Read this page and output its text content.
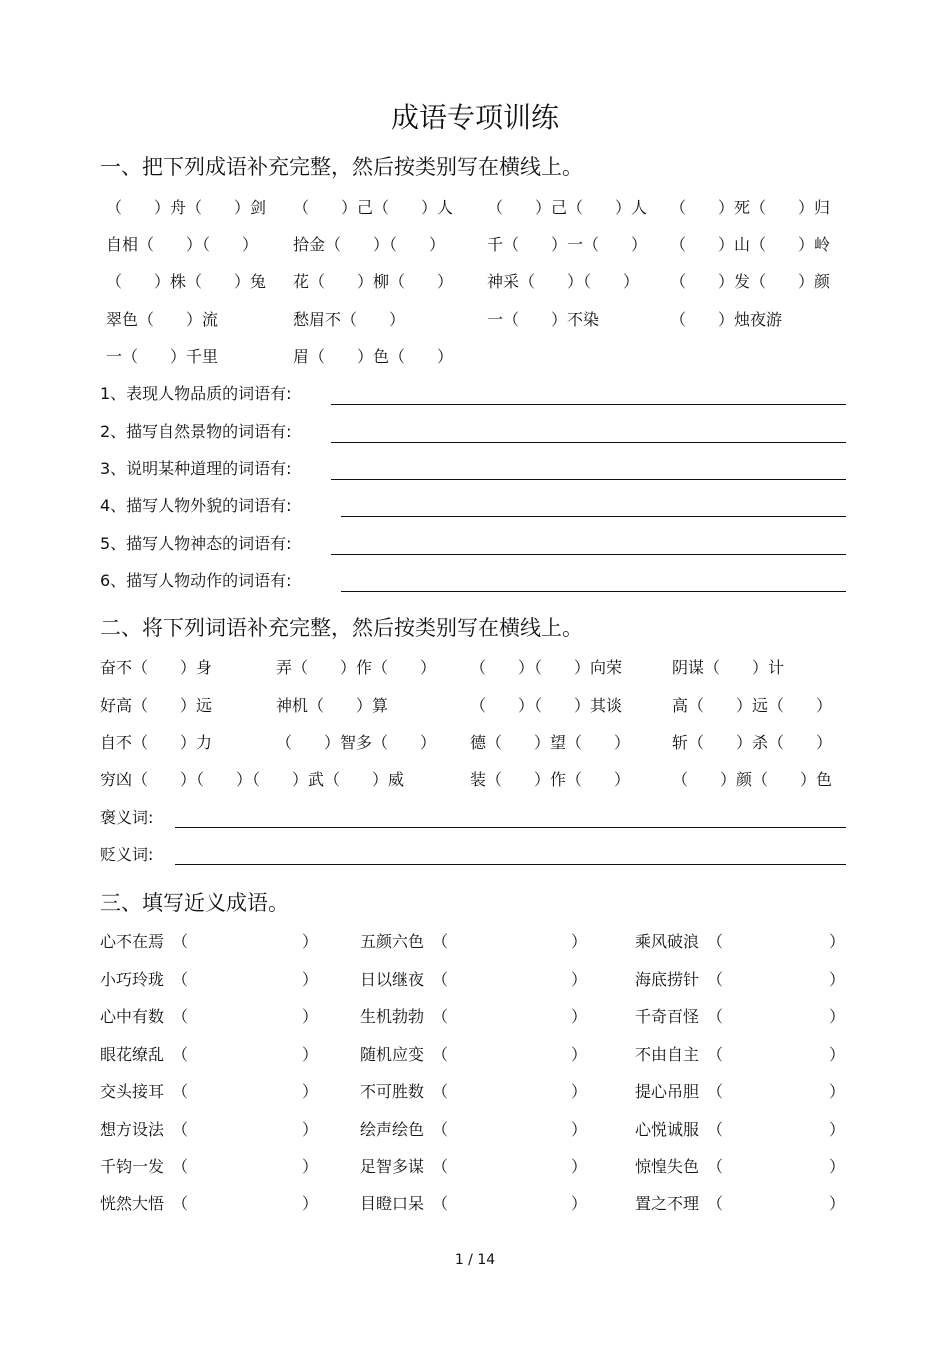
成语专项训练
一、把下列成语补充完整，然后按类别写在横线上。
（　　）舟（　　）剑 （　　）己（　　）人 （　　）己（　　）人 （　　）死（　　）归
自相（　　）（　　） 拾金（　　）（　　）	千（　　）一（　　） （　　）山（　　）岭
（　　）株（　　）兔 花（　　）柳（　　） 神采（　　）（　　） （　　）发（　　）颜
翠色（　　）流	愁眉不（　　）	一（　　）不染	（　　）烛夜游
一（　　）千里	眉（　　）色（　　）
1、表现人物品质的词语有:
2、描写自然景物的词语有:
3、说明某种道理的词语有:
4、描写人物外貌的词语有:
5、描写人物神态的词语有:
6、描写人物动作的词语有:
二、将下列词语补充完整，然后按类别写在横线上。
奋不（　　）身	弄（　　）作（　　） （　　）（　　）向荣	阴谋（　　）计
好高（　　）远	神机（　　）算	（　　）（　　）其谈	高（　　）远（　　）
自不（　　）力	（　　）智多（　　） 德（　　）望（　　）	斩（　　）杀（　　）
穷凶（　　）（　　）（　　）武（　　）威	装（　　）作（　　）	（　　）颜（　　）色
褒义词:
贬义词:
三、填写近义成语。
心不在焉 （	）	五颜六色 （	）	乘风破浪 （	）
小巧玲珑 （	）	日以继夜 （	）	海底捞针 （	）
心中有数 （	）	生机勃勃 （	）	千奇百怪 （	）
眼花缭乱 （	）	随机应变 （	）	不由自主 （	）
交头接耳 （	）	不可胜数 （	）	提心吊胆 （	）
想方设法 （	）	绘声绘色 （	）	心悦诚服 （	）
千钧一发 （	）	足智多谋 （	）	惊惶失色 （	）
恍然大悟 （	）	目瞪口呆 （	）	置之不理 （	）
1 / 14
